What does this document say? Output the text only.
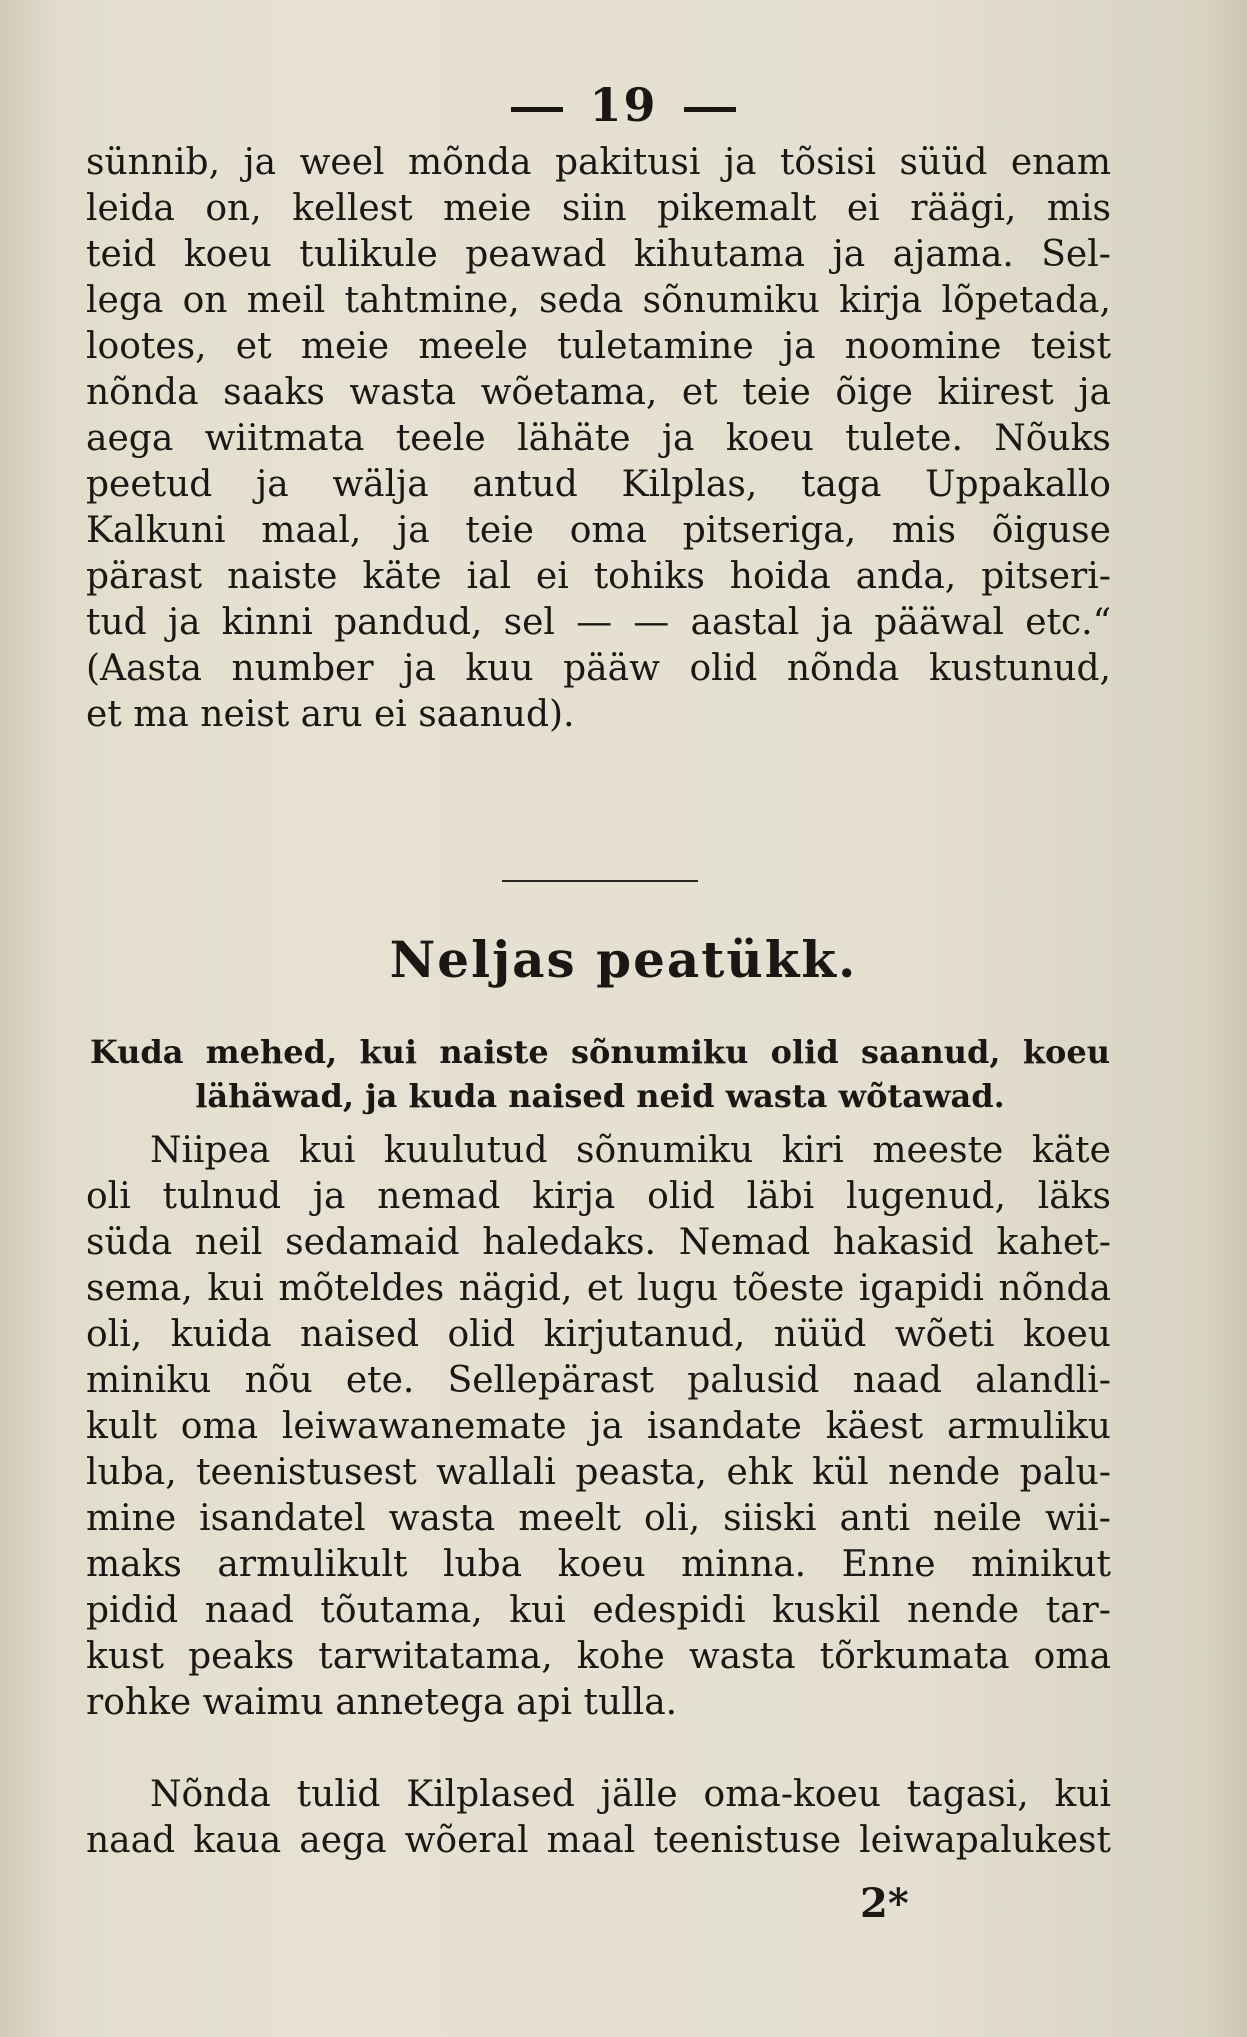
19
sünnib, ja weel mõnda pakitusi ja tõsisi süüd enam
leida on, kellest meie siin pikemalt ei räägi, mis
teid koeu tulikule peawad kihutama ja ajama. Sel-
lega on meil tahtmine, seda sõnumiku kirja lõpetada,
lootes, et meie meele tuletamine ja noomine teist
nõnda saaks wasta wõetama, et teie õige kiirest ja
aega wiitmata teele lähäte ja koeu tulete. Nõuks
peetud ja wälja antud Kilplas, taga Uppakallo
Kalkuni maal, ja teie oma pitseriga, mis õiguse
pärast naiste käte ial ei tohiks hoida anda, pitseri-
tud ja kinni pandud, sel — — aastal ja pääwal etc.“
(Aasta number ja kuu pääw olid nõnda kustunud,
et ma neist aru ei saanud).
Neljas peatükk.
Kuda mehed, kui naiste sõnumiku olid saanud, koeu
lähäwad, ja kuda naised neid wasta wõtawad.
Niipea kui kuulutud sõnumiku kiri meeste käte
oli tulnud ja nemad kirja olid läbi lugenud, läks
süda neil sedamaid haledaks. Nemad hakasid kahet-
sema, kui mõteldes nägid, et lugu tõeste igapidi nõnda
oli, kuida naised olid kirjutanud, nüüd wõeti koeu
miniku nõu ete. Sellepärast palusid naad alandli-
kult oma leiwawanemate ja isandate käest armuliku
luba, teenistusest wallali peasta, ehk kül nende palu-
mine isandatel wasta meelt oli, siiski anti neile wii-
maks armulikult luba koeu minna. Enne minikut
pidid naad tõutama, kui edespidi kuskil nende tar-
kust peaks tarwitatama, kohe wasta tõrkumata oma
rohke waimu annetega api tulla.
Nõnda tulid Kilplased jälle oma-koeu tagasi, kui
naad kaua aega wõeral maal teenistuse leiwapalukest
2*
